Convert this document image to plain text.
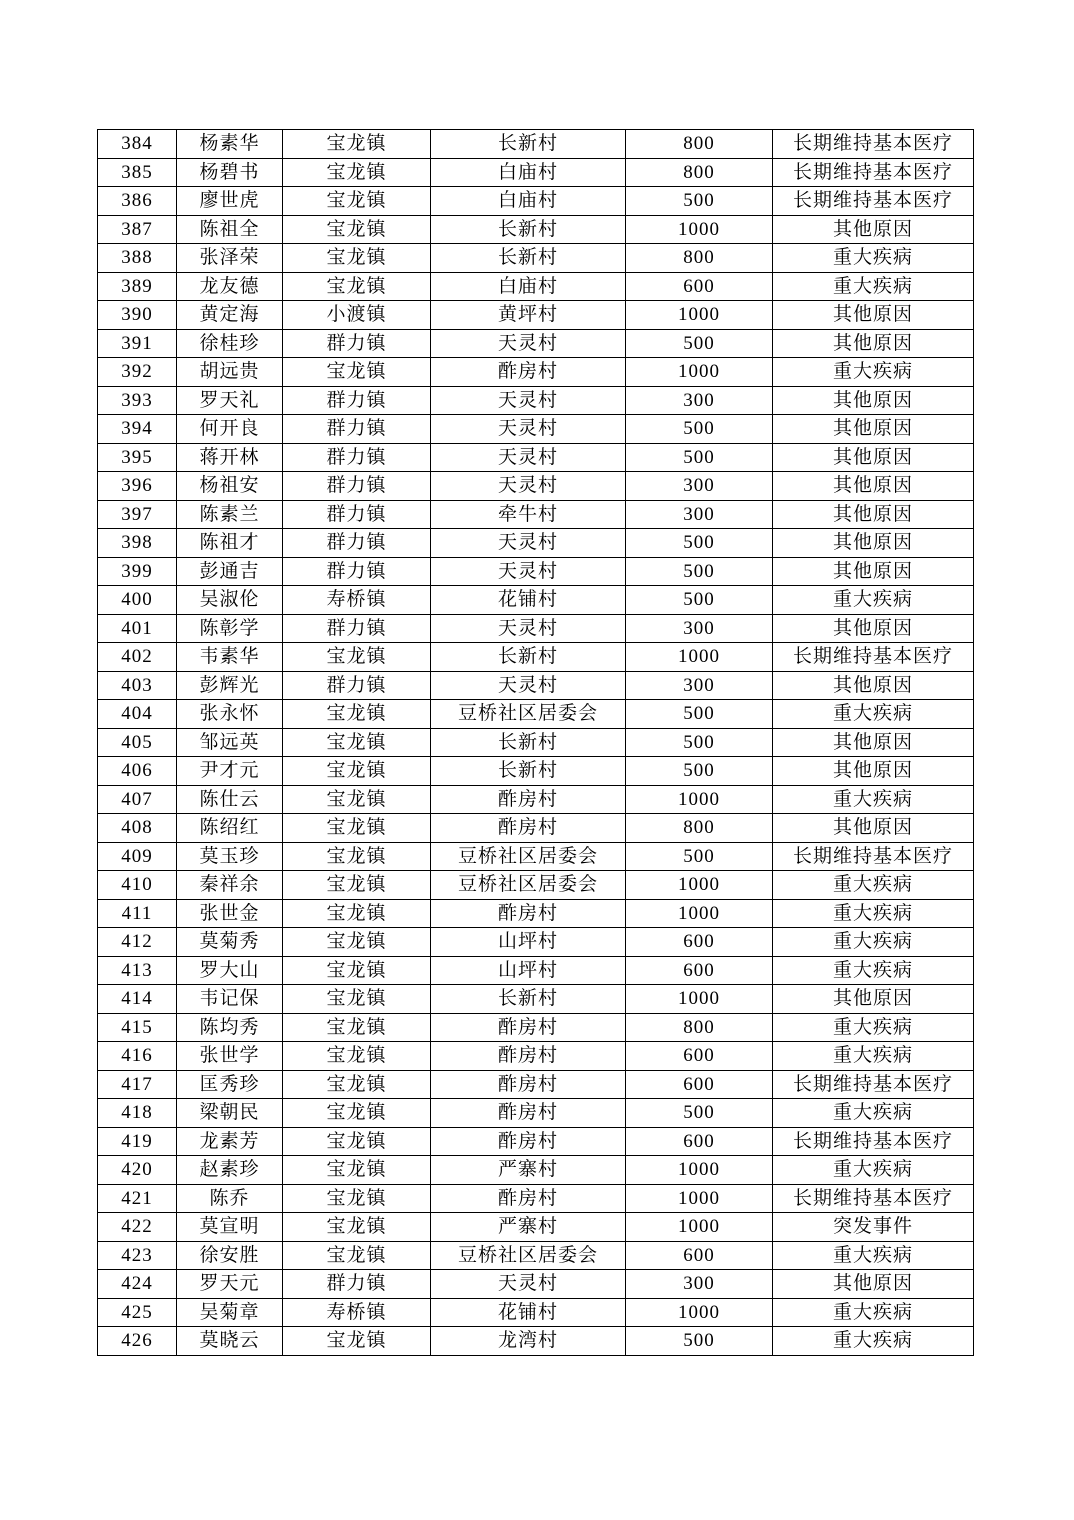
384	杨素华	宝龙镇	长新村	800	长期维持基本医疗
385	杨碧书	宝龙镇	白庙村	800	长期维持基本医疗
386	廖世虎	宝龙镇	白庙村	500	长期维持基本医疗
387	陈祖全	宝龙镇	长新村	1000	其他原因
388	张泽荣	宝龙镇	长新村	800	重大疾病
389	龙友德	宝龙镇	白庙村	600	重大疾病
390	黄定海	小渡镇	黄坪村	1000	其他原因
391	徐桂珍	群力镇	天灵村	500	其他原因
392	胡远贵	宝龙镇	酢房村	1000	重大疾病
393	罗天礼	群力镇	天灵村	300	其他原因
394	何开良	群力镇	天灵村	500	其他原因
395	蒋开林	群力镇	天灵村	500	其他原因
396	杨祖安	群力镇	天灵村	300	其他原因
397	陈素兰	群力镇	牵牛村	300	其他原因
398	陈祖才	群力镇	天灵村	500	其他原因
399	彭通吉	群力镇	天灵村	500	其他原因
400	吴淑伦	寿桥镇	花铺村	500	重大疾病
401	陈彰学	群力镇	天灵村	300	其他原因
402	韦素华	宝龙镇	长新村	1000	长期维持基本医疗
403	彭辉光	群力镇	天灵村	300	其他原因
404	张永怀	宝龙镇	豆桥社区居委会	500	重大疾病
405	邹远英	宝龙镇	长新村	500	其他原因
406	尹才元	宝龙镇	长新村	500	其他原因
407	陈仕云	宝龙镇	酢房村	1000	重大疾病
408	陈绍红	宝龙镇	酢房村	800	其他原因
409	莫玉珍	宝龙镇	豆桥社区居委会	500	长期维持基本医疗
410	秦祥余	宝龙镇	豆桥社区居委会	1000	重大疾病
411	张世金	宝龙镇	酢房村	1000	重大疾病
412	莫菊秀	宝龙镇	山坪村	600	重大疾病
413	罗大山	宝龙镇	山坪村	600	重大疾病
414	韦记保	宝龙镇	长新村	1000	其他原因
415	陈均秀	宝龙镇	酢房村	800	重大疾病
416	张世学	宝龙镇	酢房村	600	重大疾病
417	匡秀珍	宝龙镇	酢房村	600	长期维持基本医疗
418	梁朝民	宝龙镇	酢房村	500	重大疾病
419	龙素芳	宝龙镇	酢房村	600	长期维持基本医疗
420	赵素珍	宝龙镇	严寨村	1000	重大疾病
421	陈乔	宝龙镇	酢房村	1000	长期维持基本医疗
422	莫宣明	宝龙镇	严寨村	1000	突发事件
423	徐安胜	宝龙镇	豆桥社区居委会	600	重大疾病
424	罗天元	群力镇	天灵村	300	其他原因
425	吴菊章	寿桥镇	花铺村	1000	重大疾病
426	莫晓云	宝龙镇	龙湾村	500	重大疾病
